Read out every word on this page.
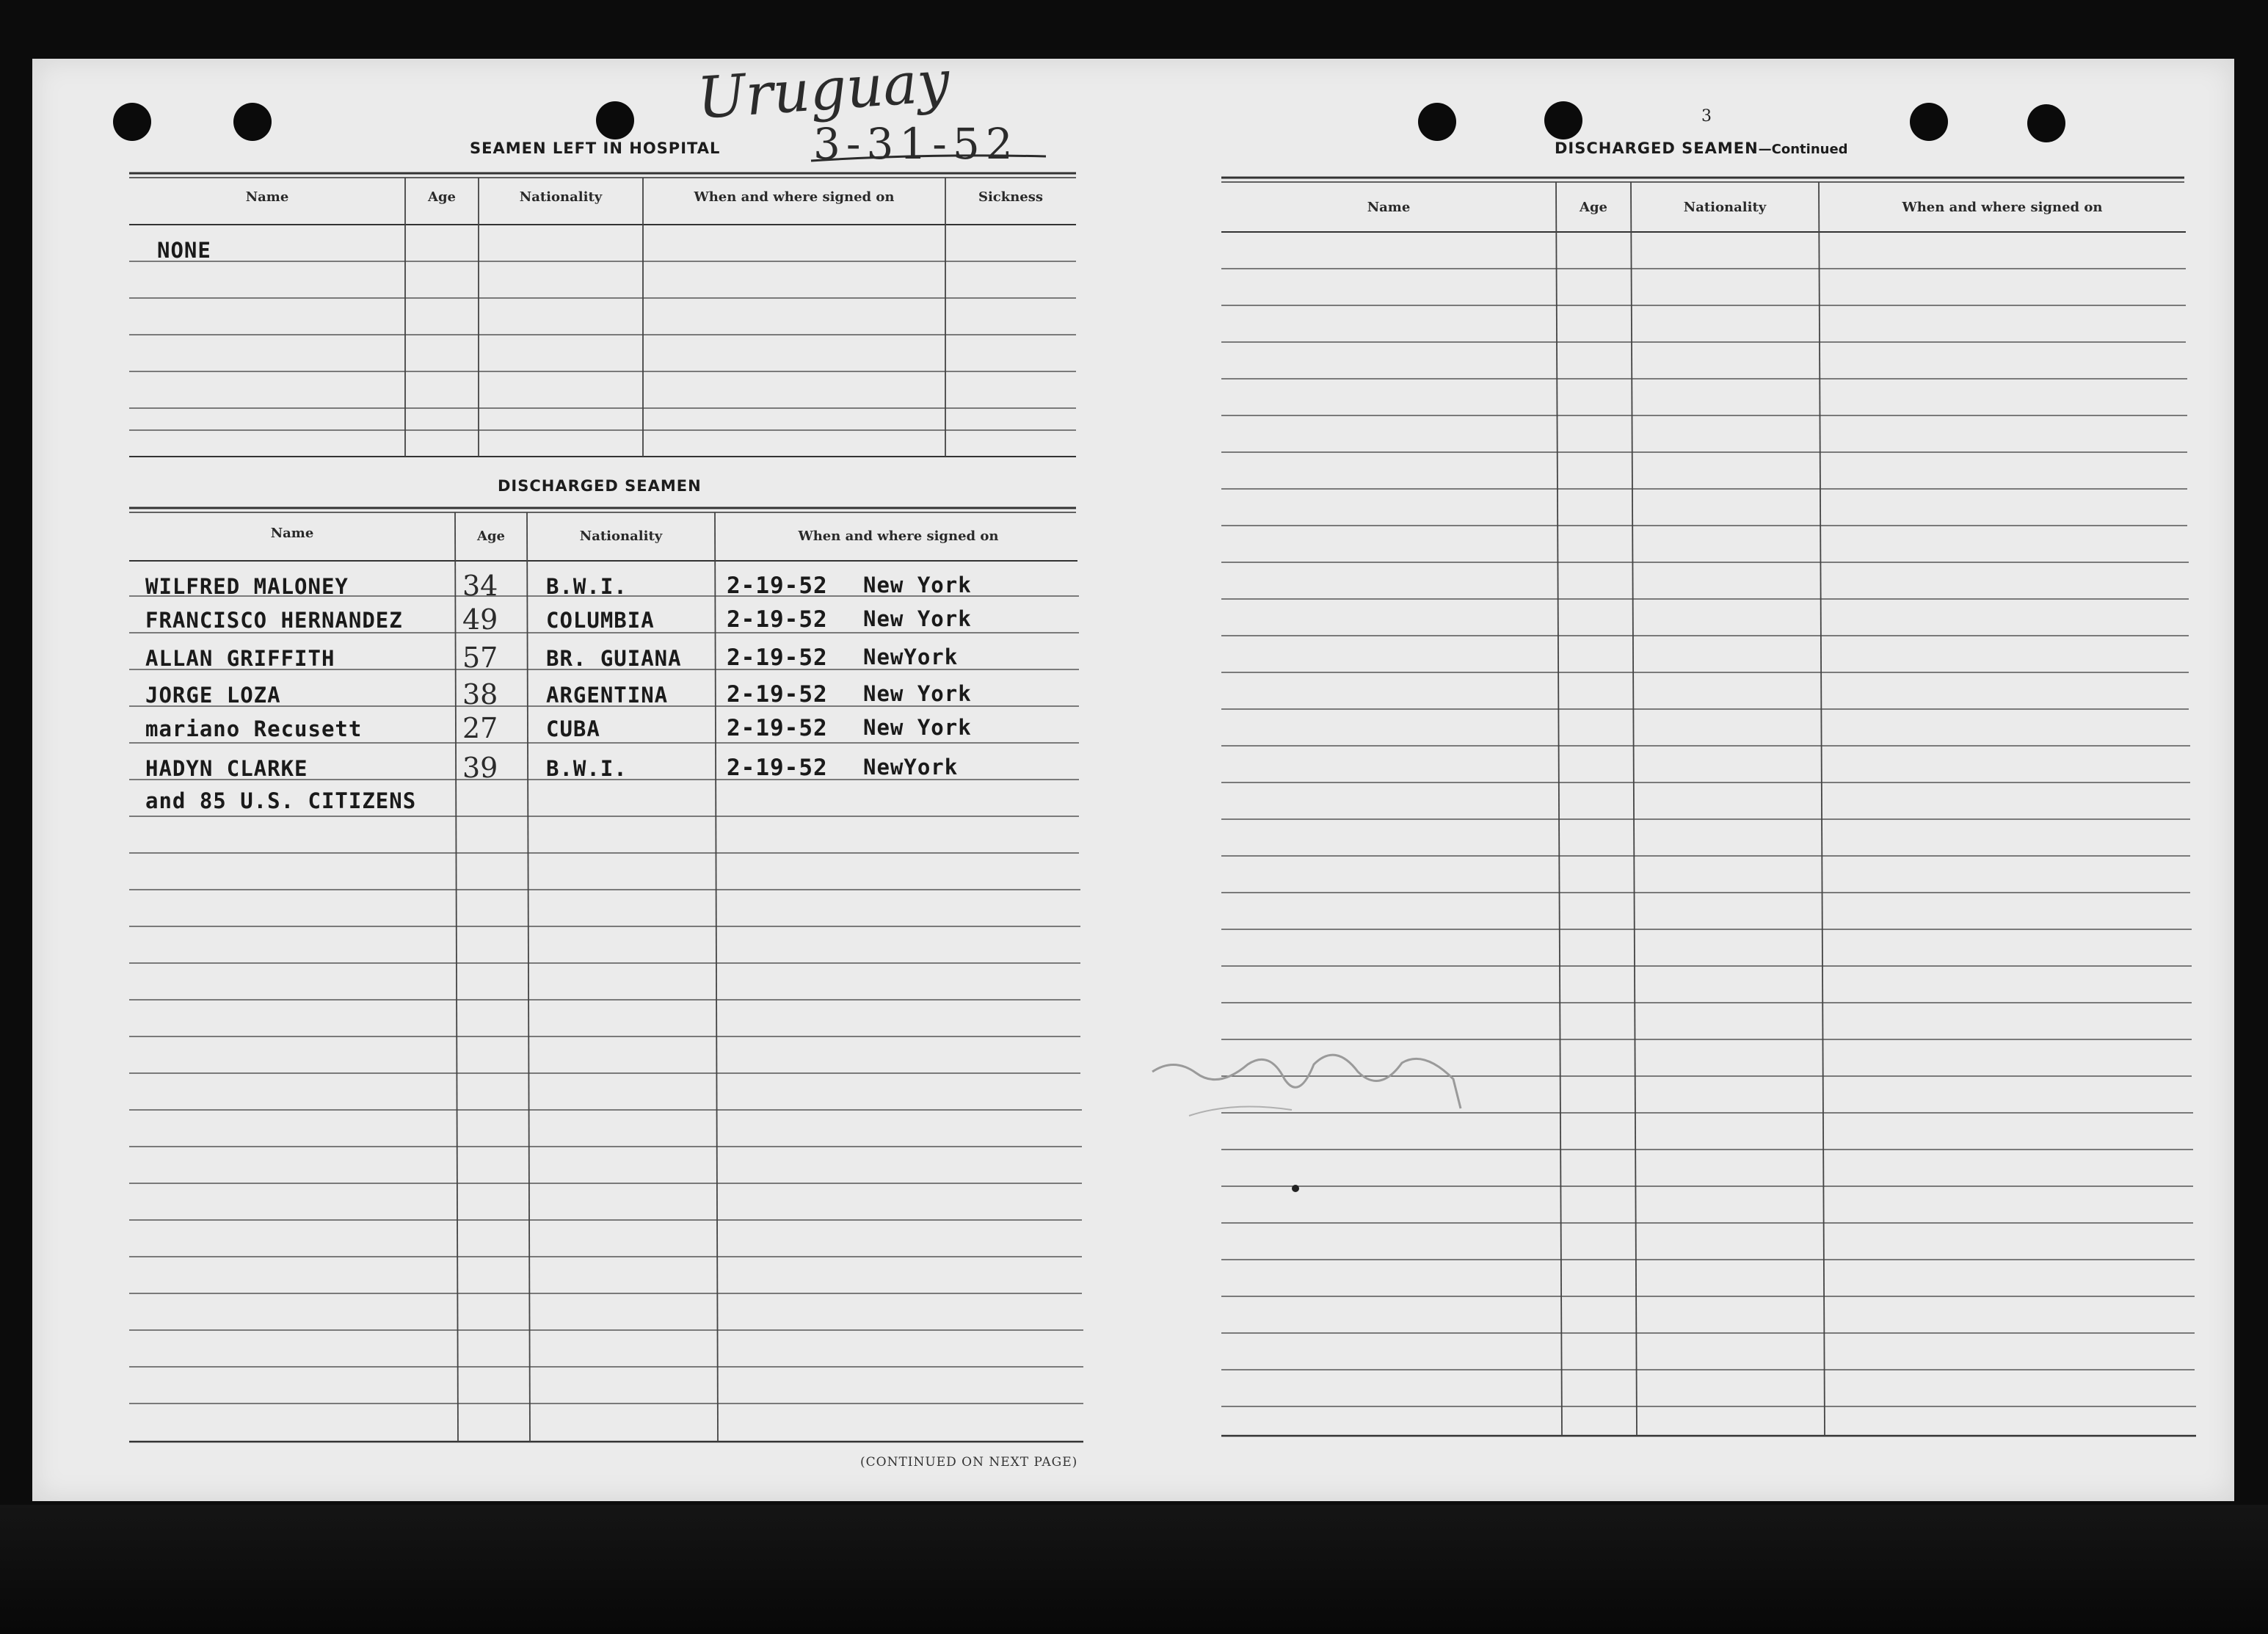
Uruguay
3-31-52
3
SEAMEN LEFT IN HOSPITAL
Name	Age	Nationality	When and where signed on	Sickness
NONE
DISCHARGED SEAMEN
Name	Age	Nationality	When and where signed on
WILFRED MALONEY	34 B.W.I.	2-19-52 New York
FRANCISCO HERNANDEZ 49 COLUMBIA	2-19-52 New York
ALLAN GRIFFITH	57 BR. GUIANA 2-19-52 NewYork
JORGE LOZA	38 ARGENTINA	2-19-52 New York
mariano Recusett	27 CUBA	2-19-52 New York
HADYN CLARKE	39 B.W.I.	2-19-52 NewYork
and 85 U.S. CITIZENS
(CONTINUED ON NEXT PAGE)
DISCHARGED SEAMEN—Continued
Name	Age	Nationality	When and where signed on
